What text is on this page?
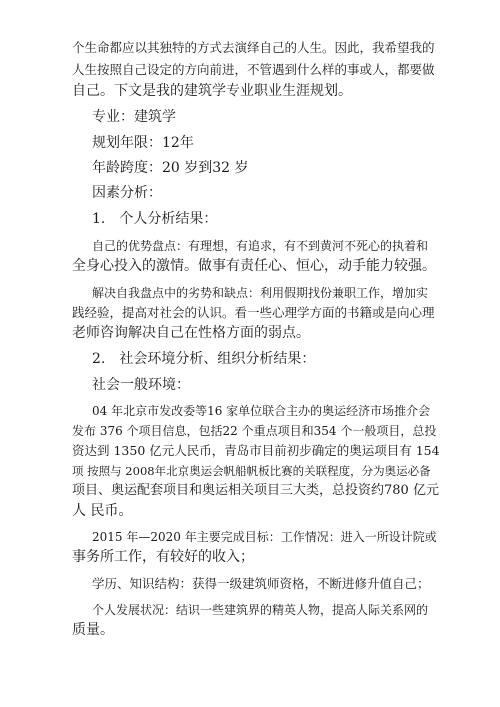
个生命都应以其独特的方式去演绎自己的人生。因此，我希望我的
人生按照自己设定的方向前进，不管遇到什么样的事或人，都要做
自己。下文是我的建筑学专业职业生涯规划。
专业：建筑学
规划年限：12年
年龄跨度：20 岁到32 岁
因素分析：
1.　个人分析结果：
自己的优势盘点：有理想，有追求，有不到黄河不死心的执着和
全身心投入的激情。做事有责任心、恒心，动手能力较强。
解决自我盘点中的劣势和缺点：利用假期找份兼职工作，增加实
践经验，提高对社会的认识。看一些心理学方面的书籍或是向心理
老师咨询解决自己在性格方面的弱点。
2.　社会环境分析、组织分析结果：
社会一般环境：
04 年北京市发改委等16 家单位联合主办的奥运经济市场推介会
发布 376 个项目信息，包括22 个重点项目和354 个一般项目，总投
资达到 1350 亿元人民币，青岛市目前初步确定的奥运项目有 154
项 按照与 2008年北京奥运会帆船帆板比赛的关联程度，分为奥运必备
项目、奥运配套项目和奥运相关项目三大类，总投资约780 亿元
人 民币。
2015 年—2020 年主要完成目标：工作情况：进入一所设计院或
事务所工作，有较好的收入；
学历、知识结构：获得一级建筑师资格，不断进修升值自己；
个人发展状况：结识一些建筑界的精英人物，提高人际关系网的
质量。
